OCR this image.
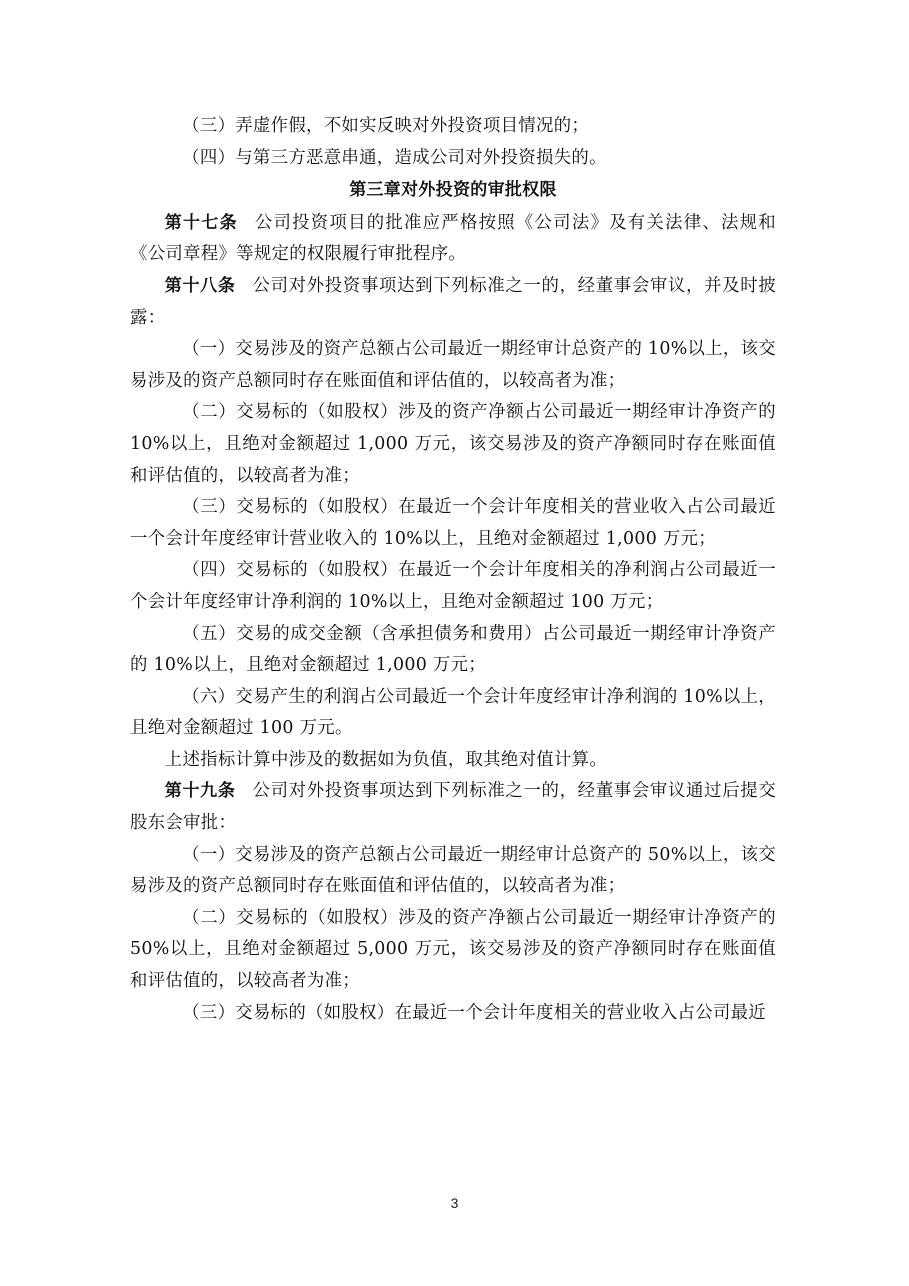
（三）弄虚作假，不如实反映对外投资项目情况的；

（四）与第三方恶意串通，造成公司对外投资损失的。

第三章对外投资的审批权限

第十七条 公司投资项目的批准应严格按照《公司法》及有关法律、法规和《公司章程》等规定的权限履行审批程序。

第十八条 公司对外投资事项达到下列标准之一的，经董事会审议，并及时披露：

（一）交易涉及的资产总额占公司最近一期经审计总资产的 10%以上，该交易涉及的资产总额同时存在账面值和评估值的，以较高者为准；

（二）交易标的（如股权）涉及的资产净额占公司最近一期经审计净资产的 10%以上，且绝对金额超过 1,000 万元，该交易涉及的资产净额同时存在账面值和评估值的，以较高者为准；

（三）交易标的（如股权）在最近一个会计年度相关的营业收入占公司最近一个会计年度经审计营业收入的 10%以上，且绝对金额超过 1,000 万元；

（四）交易标的（如股权）在最近一个会计年度相关的净利润占公司最近一个会计年度经审计净利润的 10%以上，且绝对金额超过 100 万元；

（五）交易的成交金额（含承担债务和费用）占公司最近一期经审计净资产的 10%以上，且绝对金额超过 1,000 万元；

（六）交易产生的利润占公司最近一个会计年度经审计净利润的 10%以上，且绝对金额超过 100 万元。

上述指标计算中涉及的数据如为负值，取其绝对值计算。

第十九条 公司对外投资事项达到下列标准之一的，经董事会审议通过后提交股东会审批：

（一）交易涉及的资产总额占公司最近一期经审计总资产的 50%以上，该交易涉及的资产总额同时存在账面值和评估值的，以较高者为准；

（二）交易标的（如股权）涉及的资产净额占公司最近一期经审计净资产的 50%以上，且绝对金额超过 5,000 万元，该交易涉及的资产净额同时存在账面值和评估值的，以较高者为准；

（三）交易标的（如股权）在最近一个会计年度相关的营业收入占公司最近

3
